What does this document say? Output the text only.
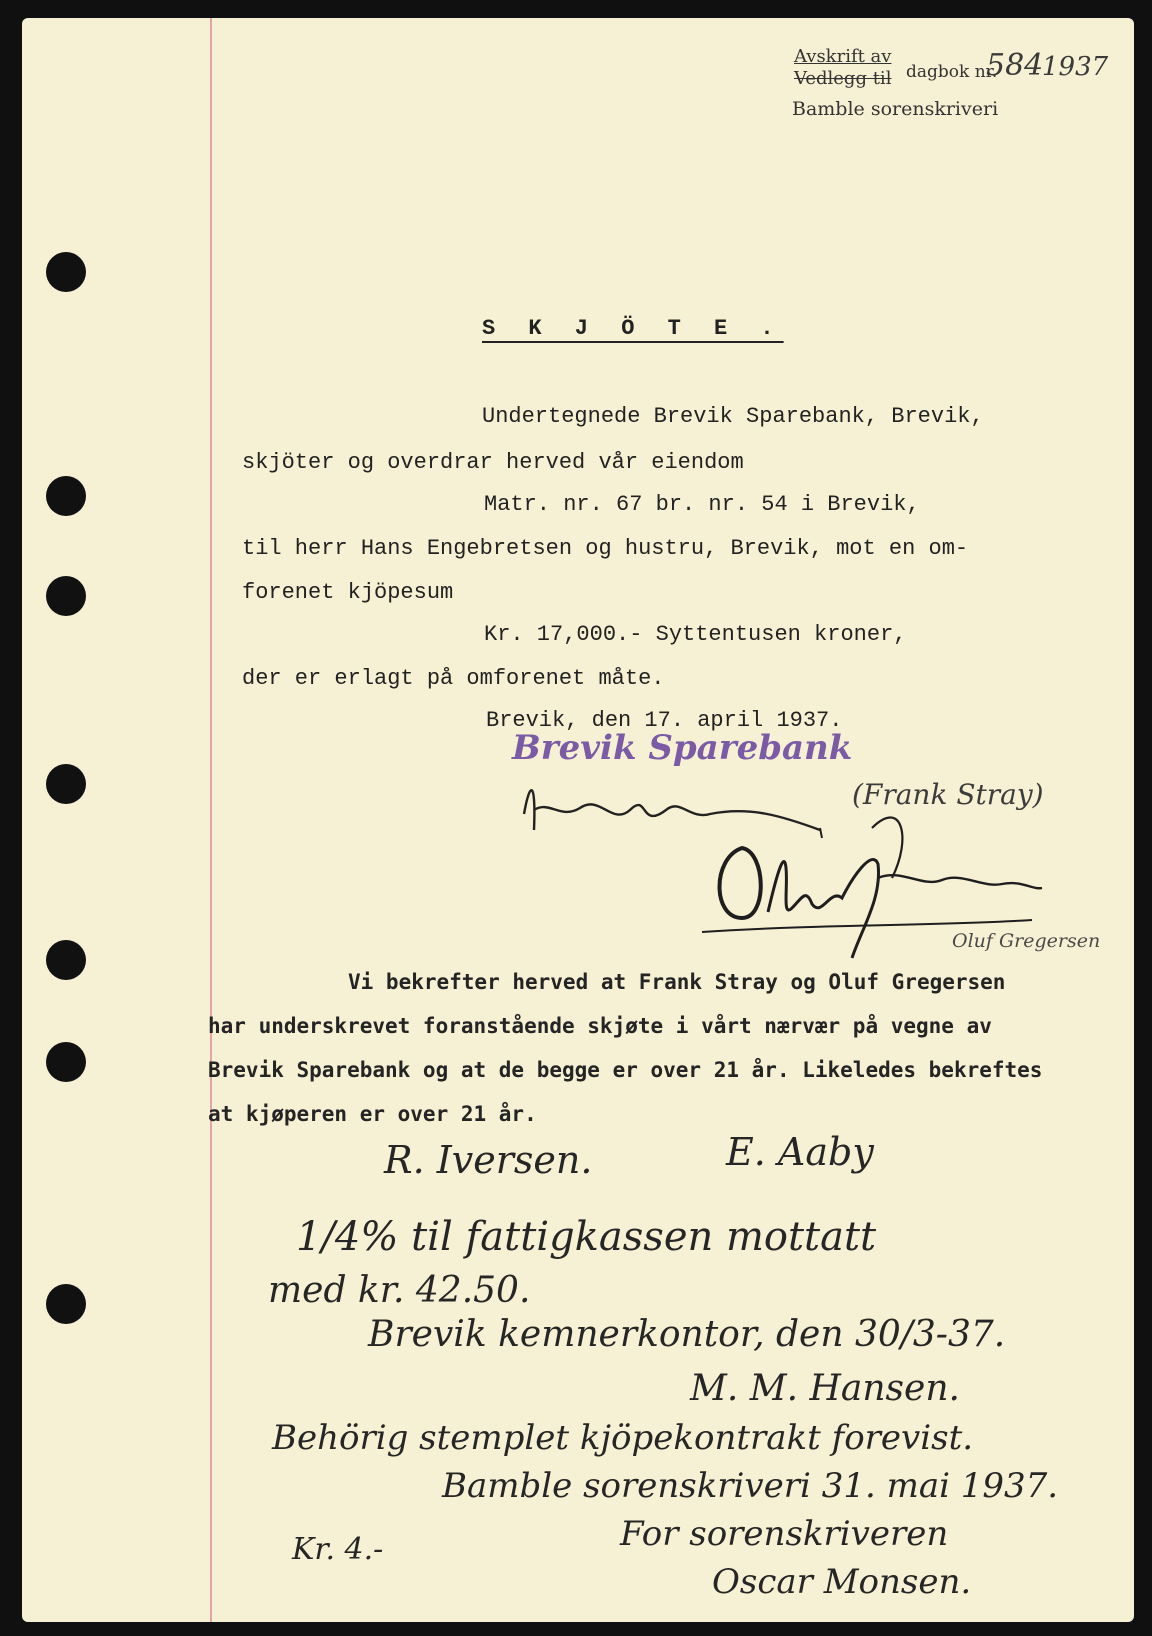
Avskrift av
Vedlegg til dagbok nr.
584
1937
Bamble sorenskriveri
S K J Ö T E .
Undertegnede Brevik Sparebank, Brevik,
skjöter og overdrar herved vår eiendom
Matr. nr. 67 br. nr. 54 i Brevik,
til herr Hans Engebretsen og hustru, Brevik, mot en om-
forenet kjöpesum
Kr. 17,000.- Syttentusen kroner,
der er erlagt på omforenet måte.
Brevik, den 17. april 1937.
Brevik Sparebank
(Frank Stray)
Oluf Gregersen
Vi bekrefter herved at Frank Stray og Oluf Gregersen
har underskrevet foranstående skjøte i vårt nærvær på vegne av
Brevik Sparebank og at de begge er over 21 år. Likeledes bekreftes
at kjøperen er over 21 år.
R. Iversen.	E. Aaby
1/4% til fattigkassen mottatt
med kr. 42.50.
Brevik kemnerkontor, den 30/3-37.
M. M. Hansen.
Behörig stemplet kjöpekontrakt forevist.
Bamble sorenskriveri 31. mai 1937.
For sorenskriveren
Oscar Monsen.
Kr. 4.-
